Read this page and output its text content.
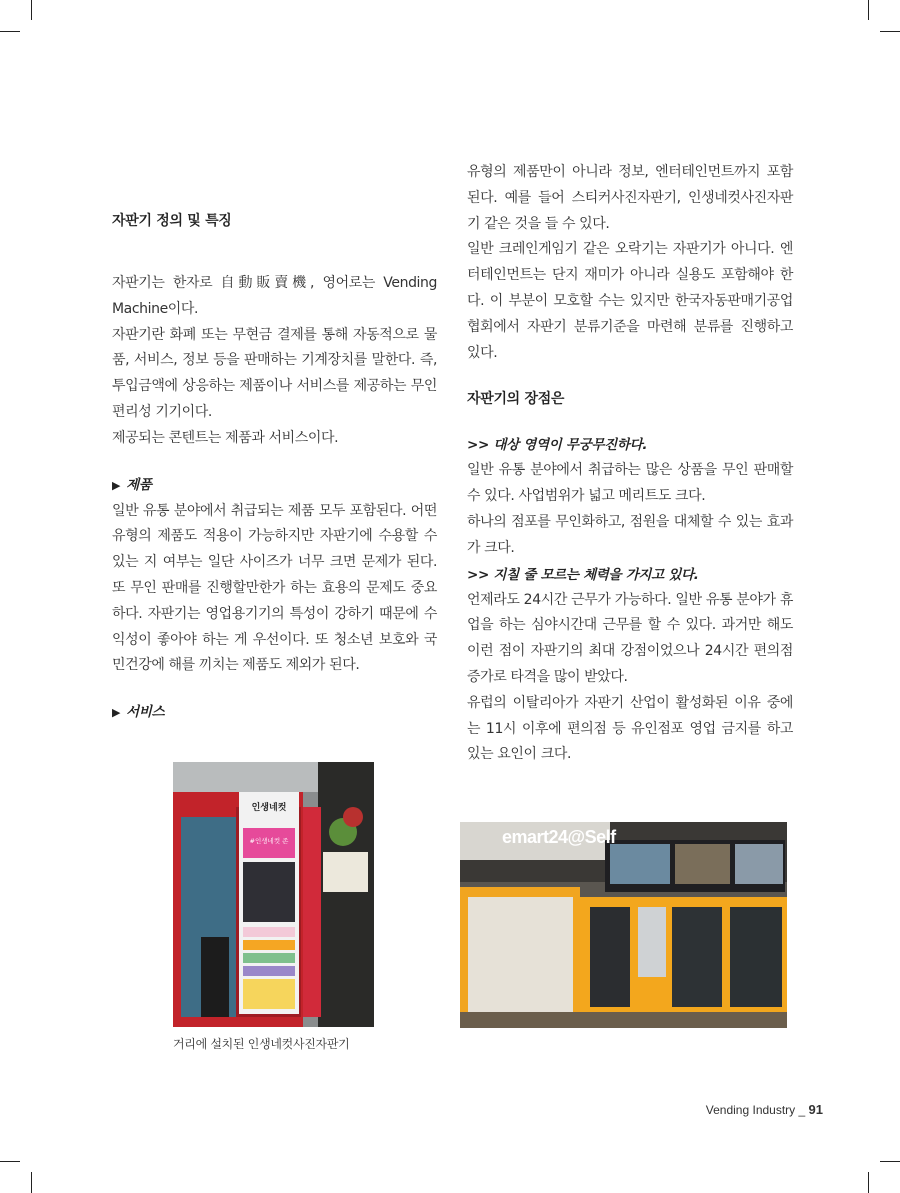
자판기 정의 및 특징

자판기는 한자로 自動販賣機, 영어로는 Vending Machine이다.

자판기란 화폐 또는 무현금 결제를 통해 자동적으로 물품, 서비스, 정보 등을 판매하는 기계장치를 말한다. 즉, 투입금액에 상응하는 제품이나 서비스를 제공하는 무인 편리성 기기이다.

제공되는 콘텐트는 제품과 서비스이다.

▶ 제품

일반 유통 분야에서 취급되는 제품 모두 포함된다. 어떤 유형의 제품도 적용이 가능하지만 자판기에 수용할 수 있는 지 여부는 일단 사이즈가 너무 크면 문제가 된다. 또 무인 판매를 진행할만한가 하는 효용의 문제도 중요하다. 자판기는 영업용기기의 특성이 강하기 때문에 수익성이 좋아야 하는 게 우선이다. 또 청소년 보호와 국민건강에 해를 끼치는 제품도 제외가 된다.

▶ 서비스
인생네컷
#인생네컷 존
거리에 설치된 인생네컷사진자판기

유형의 제품만이 아니라 정보, 엔터테인먼트까지 포함된다. 예를 들어 스티커사진자판기, 인생네컷사진자판기 같은 것을 들 수 있다.

일반 크레인게임기 같은 오락기는 자판기가 아니다. 엔터테인먼트는 단지 재미가 아니라 실용도 포함해야 한다. 이 부분이 모호할 수는 있지만 한국자동판매기공업협회에서 자판기 분류기준을 마련해 분류를 진행하고 있다.

자판기의 장점은
>> 대상 영역이 무궁무진하다.

일반 유통 분야에서 취급하는 많은 상품을 무인 판매할 수 있다. 사업범위가 넓고 메리트도 크다.

하나의 점포를 무인화하고, 점원을 대체할 수 있는 효과가 크다.

>> 지칠 줄 모르는 체력을 가지고 있다.

언제라도 24시간 근무가 가능하다. 일반 유통 분야가 휴업을 하는 심야시간대 근무를 할 수 있다. 과거만 해도 이런 점이 자판기의 최대 강점이었으나 24시간 편의점 증가로 타격을 많이 받았다.

유럽의 이탈리아가 자판기 산업이 활성화된 이유 중에는 11시 이후에 편의점 등 유인점포 영업 금지를 하고 있는 요인이 크다.

emart24@Self
Vending Industry _ 91
